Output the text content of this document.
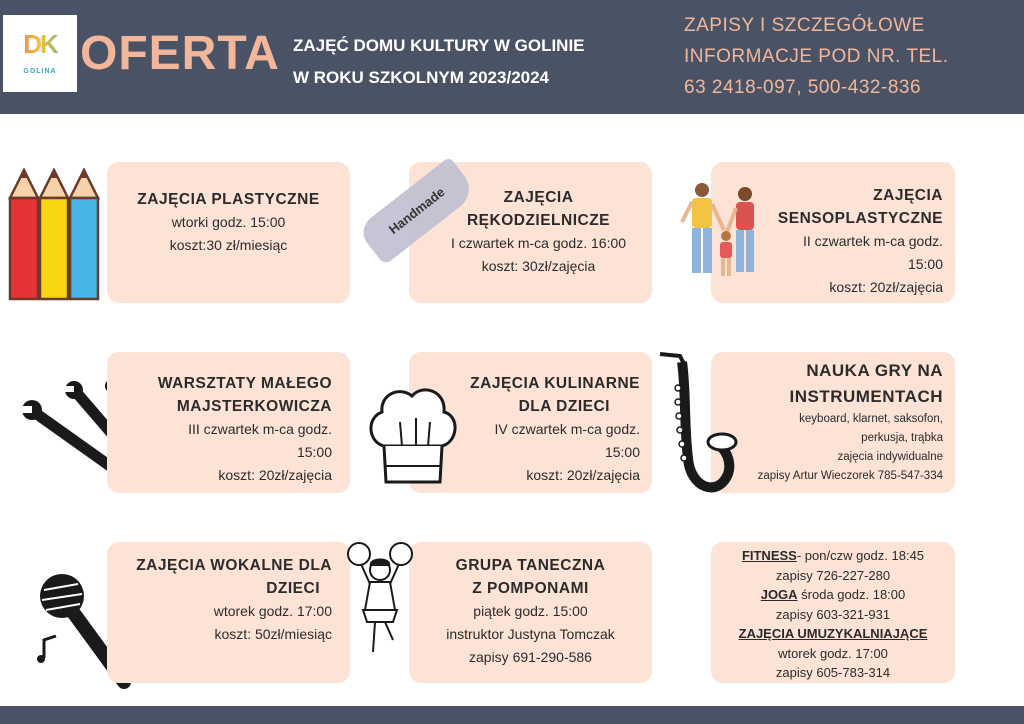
DK
GOLINA OFERTA ZAJĘĆ DOMU KULTURY W GOLINIE
W ROKU SZKOLNYM 2023/2024
ZAPISY I SZCZEGÓŁOWE
INFORMACJE POD NR. TEL.
63 2418-097, 500-432-836
ZAJĘCIA PLASTYCZNE
wtorki godz. 15:00
koszt:30 zł/miesiąc
ZAJĘCIA
RĘKODZIELNICZE
I czwartek m-ca godz. 16:00
koszt: 30zł/zajęcia
Handmade	ZAJĘCIA
SENSOPLASTYCZNE
II czwartek m-ca godz.
15:00
koszt: 20zł/zajęcia
WARSZTATY MAŁEGO
MAJSTERKOWICZA
III czwartek m-ca godz.
15:00
koszt: 20zł/zajęcia
ZAJĘCIA KULINARNE
DLA DZIECI
IV czwartek m-ca godz.
15:00
koszt: 20zł/zajęcia
NAUKA GRY NA
INSTRUMENTACH
keyboard, klarnet, saksofon,
perkusja, trąbka
zajęcia indywidualne
zapisy Artur Wieczorek 785-547-334
ZAJĘCIA WOKALNE DLA
DZIECI
wtorek godz. 17:00
koszt: 50zł/miesiąc
GRUPA TANECZNA
Z POMPONAMI
piątek godz. 15:00
instruktor Justyna Tomczak
zapisy 691-290-586
FITNESS- pon/czw godz. 18:45
zapisy 726-227-280
JOGA środa godz. 18:00
zapisy 603-321-931
ZAJĘCIA UMUZYKALNIAJĄCE
wtorek godz. 17:00
zapisy 605-783-314
